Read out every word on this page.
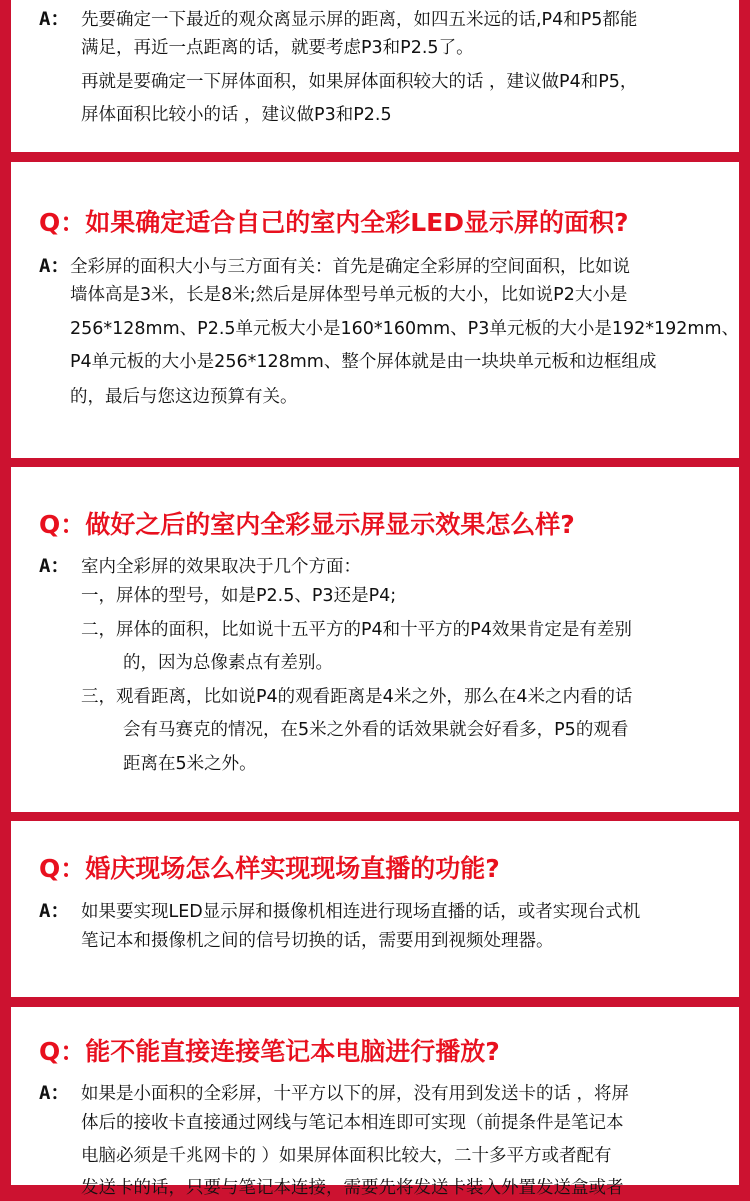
A： 先要确定一下最近的观众离显示屏的距离，如四五米远的话,P4和P5都能
满足，再近一点距离的话，就要考虑P3和P2.5了。
再就是要确定一下屏体面积，如果屏体面积较大的话 ，建议做P4和P5，
屏体面积比较小的话 ，建议做P3和P2.5
Q：如果确定适合自己的室内全彩LED显示屏的面积?
A： 全彩屏的面积大小与三方面有关：首先是确定全彩屏的空间面积，比如说
墙体高是3米，长是8米;然后是屏体型号单元板的大小，比如说P2大小是
256*128mm、P2.5单元板大小是160*160mm、P3单元板的大小是192*192mm、
P4单元板的大小是256*128mm、整个屏体就是由一块块单元板和边框组成
的，最后与您这边预算有关。
Q：做好之后的室内全彩显示屏显示效果怎么样?
A： 室内全彩屏的效果取决于几个方面：
一，屏体的型号，如是P2.5、P3还是P4;
二，屏体的面积，比如说十五平方的P4和十平方的P4效果肯定是有差别
的，因为总像素点有差别。
三，观看距离，比如说P4的观看距离是4米之外，那么在4米之内看的话
会有马赛克的情况，在5米之外看的话效果就会好看多，P5的观看
距离在5米之外。
Q：婚庆现场怎么样实现现场直播的功能?
A： 如果要实现LED显示屏和摄像机相连进行现场直播的话，或者实现台式机
笔记本和摄像机之间的信号切换的话，需要用到视频处理器。
Q：能不能直接连接笔记本电脑进行播放?
A： 如果是小面积的全彩屏，十平方以下的屏，没有用到发送卡的话 ，将屏
体后的接收卡直接通过网线与笔记本相连即可实现（前提条件是笔记本
电脑必须是千兆网卡的 ）如果屏体面积比较大，二十多平方或者配有
发送卡的话，只要与笔记本连接，需要先将发送卡装入外置发送盒或者
